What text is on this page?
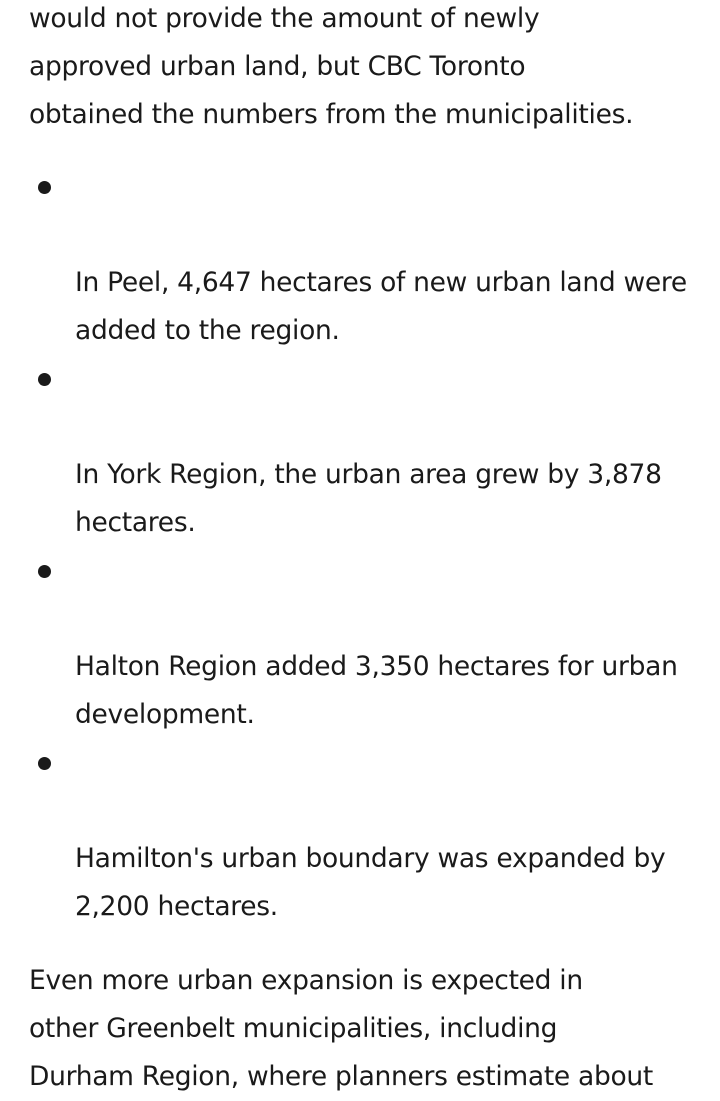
would not provide the amount of newly
approved urban land, but CBC Toronto
obtained the numbers from the municipalities.

In Peel, 4,647 hectares of new urban land were
added to the region.

In York Region, the urban area grew by 3,878
hectares.

Halton Region added 3,350 hectares for urban
development.

Hamilton's urban boundary was expanded by
2,200 hectares.

Even more urban expansion is expected in
other Greenbelt municipalities, including
Durham Region, where planners estimate about
